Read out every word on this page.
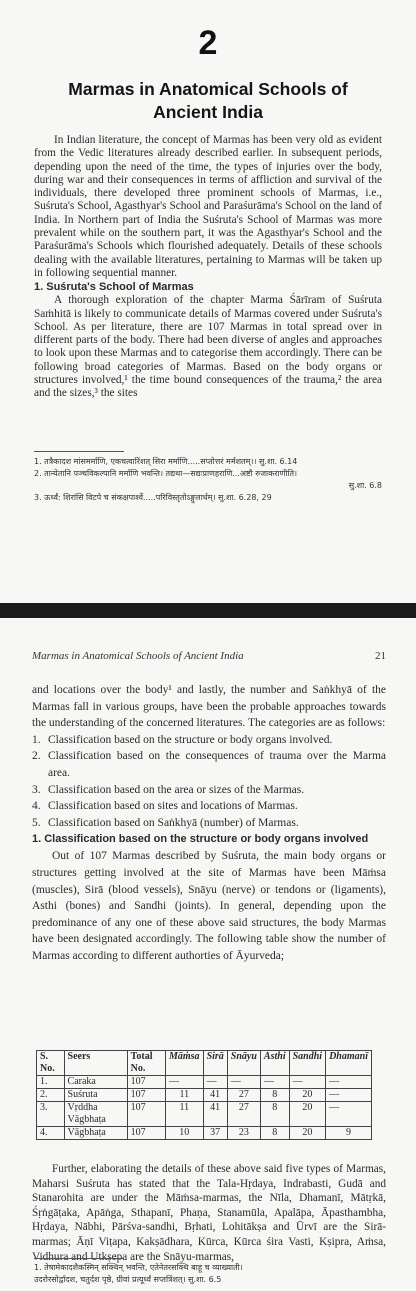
2
Marmas in Anatomical Schools of Ancient India

In Indian literature, the concept of Marmas has been very old as evident from the Vedic literatures already described earlier. In subsequent periods, depending upon the need of the time, the types of injuries over the body, during war and their consequences in terms of affliction and survival of the individuals, there developed three prominent schools of Marmas, i.e., Suśruta's School, Agasthyar's School and Paraśurāma's School on the land of India. In Northern part of India the Suśruta's School of Marmas was more prevalent while on the southern part, it was the Agasthyar's School and the Paraśurāma's Schools which flourished adequately. Details of these schools dealing with the available literatures, pertaining to Marmas will be taken up in following sequential manner.

1. Suśruta's School of Marmas

A thorough exploration of the chapter Marma Śārīram of Suśruta Saṁhitā is likely to communicate details of Marmas covered under Suśruta's School. As per literature, there are 107 Marmas in total spread over in different parts of the body. There had been diverse of angles and approaches to look upon these Marmas and to categorise them accordingly. There can be following broad categories of Marmas. Based on the body organs or structures involved,¹ the time bound consequences of the trauma,² the area and the sizes,³ the sites

1. तत्रैकादश मांसमर्माणि, एकचत्वारिंशत् सिरा मर्माणि.....सप्तोत्तरं मर्मशतम्।। सु.शा. 6.14
2. तान्येतानि पञ्चविकल्पानि मर्माणि भवन्ति। तद्यथा—सद्यःप्राणहराणि...अष्टौ रुजाकराणीति।
सु.शा. 6.8
3. ऊर्ध्वं: शिरांसि विटपे च संकक्षपार्श्वे.....परिविस्तृतोऽङ्गुलार्धम्। सु.शा. 6.28, 29
Marmas in Anatomical Schools of Ancient India	21

and locations over the body¹ and lastly, the number and Saṅkhyā of the Marmas fall in various groups, have been the probable approaches towards the understanding of the concerned literatures. The categories are as follows:

1. Classification based on the structure or body organs involved.
2. Classification based on the consequences of trauma over the Marma area.
3. Classification based on the area or sizes of the Marmas.
4. Classification based on sites and locations of Marmas.
5. Classification based on Saṅkhyā (number) of Marmas.
1. Classification based on the structure or body organs involved

Out of 107 Marmas described by Suśruta, the main body organs or structures getting involved at the site of Marmas have been Māṁsa (muscles), Sirā (blood vessels), Snāyu (nerve) or tendons or (ligaments), Asthi (bones) and Sandhi (joints). In general, depending upon the predominance of any one of these above said structures, the body Marmas have been designated accordingly. The following table show the number of Marmas according to different authorties of Āyurveda;

S. No.	Seers	Total No.	Māṁsa	Sirā	Snāyu	Asthi	Sandhi	Dhamanī
1.	Caraka	107	—	—	—	—	—	—
2.	Suśruta	107	11	41	27	8	20	—
3.	Vṛddha Vāgbhaṭa	107	11	41	27	8	20	—
4.	Vāgbhaṭa	107	10	37	23	8	20	9

Further, elaborating the details of these above said five types of Marmas, Maharsi Suśruta has stated that the Tala-Hṛdaya, Indrabasti, Gudā and Stanarohita are under the Māṁsa-marmas, the Nīla, Dhamanī, Mātṛkā, Śṛṅgāṭaka, Apāṅga, Sthapanī, Phaṇa, Stanamūla, Apalāpa, Āpasthambha, Hṛdaya, Nābhi, Pārśva-sandhi, Bṛhati, Lohitākṣa and Ūrvī are the Sirā-marmas; Āṇī Viṭapa, Kakṣādhara, Kūrca, Kūrca śira Vasti, Kṣipra, Aṁsa, Vidhura and Utkṣepa are the Snāyu-marmas,

1. तेषामेकादशैकस्मिन् सक्थिन् भवन्ति, एतेनेतरसक्थि बाहू च व्याख्याती।
उदरोरसोर्द्वादश, चतुर्दश पृष्ठे, ग्रीवां प्रत्यूर्ध्वं सप्तत्रिंशत्। सु.शा. 6.5
